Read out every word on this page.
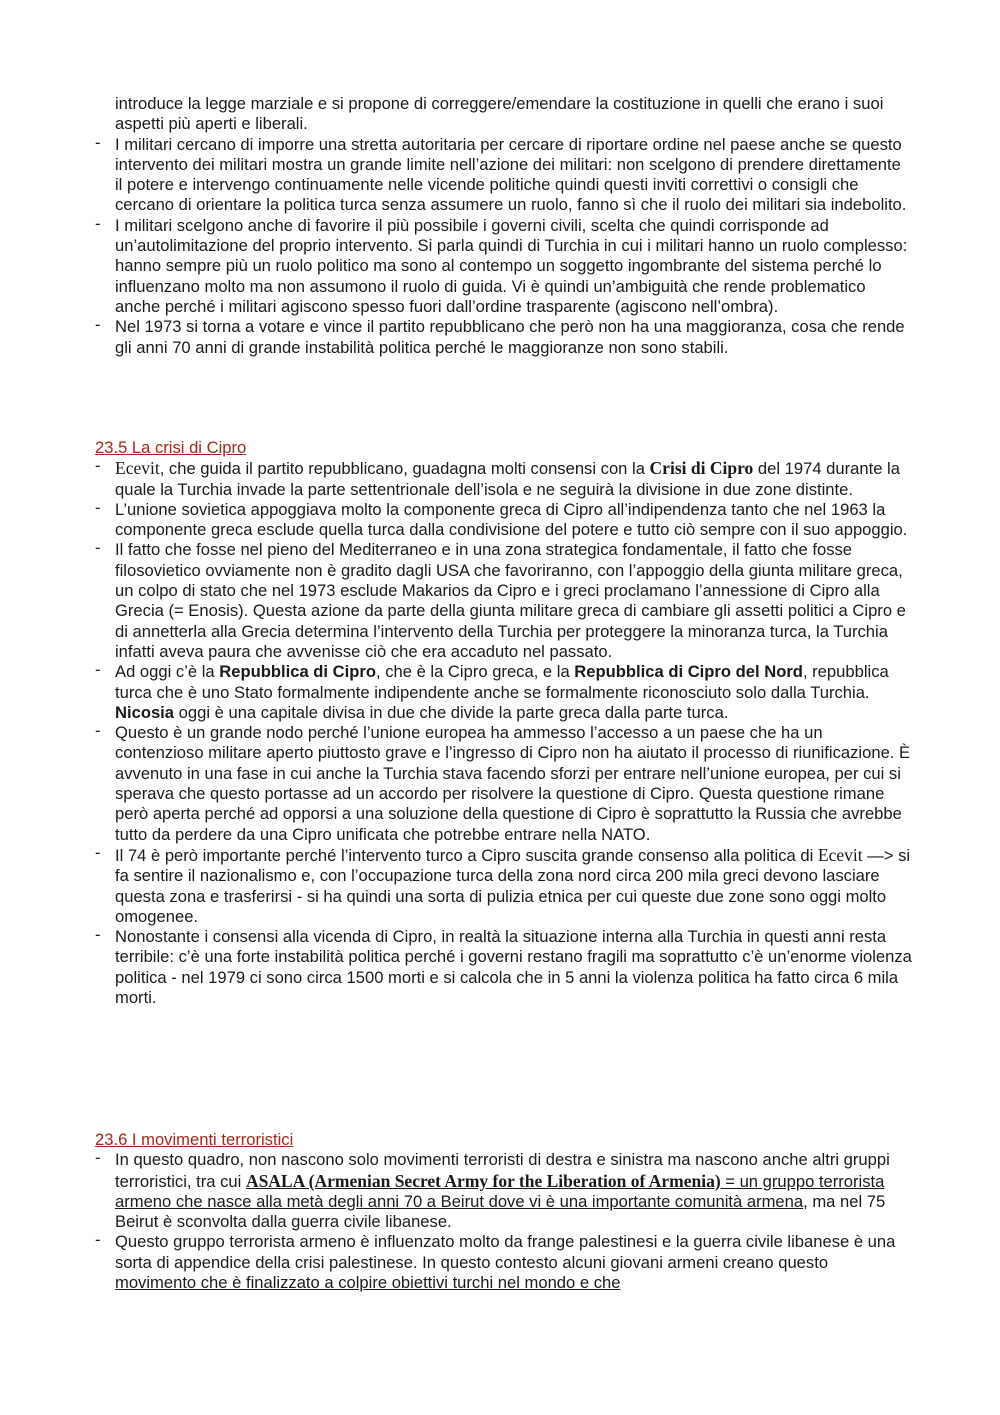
introduce la legge marziale e si propone di correggere/emendare la costituzione in quelli che erano i suoi aspetti più aperti e liberali.

- I militari cercano di imporre una stretta autoritaria per cercare di riportare ordine nel paese anche se questo intervento dei militari mostra un grande limite nell’azione dei militari: non scelgono di prendere direttamente il potere e intervengo continuamente nelle vicende politiche quindi questi inviti correttivi o consigli che cercano di orientare la politica turca senza assumere un ruolo, fanno sì che il ruolo dei militari sia indebolito.
- I militari scelgono anche di favorire il più possibile i governi civili, scelta che quindi corrisponde ad un’autolimitazione del proprio intervento. Si parla quindi di Turchia in cui i militari hanno un ruolo complesso: hanno sempre più un ruolo politico ma sono al contempo un soggetto ingombrante del sistema perché lo influenzano molto ma non assumono il ruolo di guida. Vi è quindi un’ambiguità che rende problematico anche perché i militari agiscono spesso fuori dall’ordine trasparente (agiscono nell’ombra).
- Nel 1973 si torna a votare e vince il partito repubblicano che però non ha una maggioranza, cosa che rende gli anni 70 anni di grande instabilità politica perché le maggioranze non sono stabili.

23.5 La crisi di Cipro

- Ecevit, che guida il partito repubblicano, guadagna molti consensi con la Crisi di Cipro del 1974 durante la quale la Turchia invade la parte settentrionale dell’isola e ne seguirà la divisione in due zone distinte.
- L’unione sovietica appoggiava molto la componente greca di Cipro all’indipendenza tanto che nel 1963 la componente greca esclude quella turca dalla condivisione del potere e tutto ciò sempre con il suo appoggio.
- Il fatto che fosse nel pieno del Mediterraneo e in una zona strategica fondamentale, il fatto che fosse filosovietico ovviamente non è gradito dagli USA che favoriranno, con l’appoggio della giunta militare greca, un colpo di stato che nel 1973 esclude Makarios da Cipro e i greci proclamano l’annessione di Cipro alla Grecia (= Enosis). Questa azione da parte della giunta militare greca di cambiare gli assetti politici a Cipro e di annetterla alla Grecia determina l’intervento della Turchia per proteggere la minoranza turca, la Turchia infatti aveva paura che avvenisse ciò che era accaduto nel passato.
- Ad oggi c’è la Repubblica di Cipro, che è la Cipro greca, e la Repubblica di Cipro del Nord, repubblica turca che è uno Stato formalmente indipendente anche se formalmente riconosciuto solo dalla Turchia. Nicosia oggi è una capitale divisa in due che divide la parte greca dalla parte turca.
- Questo è un grande nodo perché l’unione europea ha ammesso l’accesso a un paese che ha un contenzioso militare aperto piuttosto grave e l’ingresso di Cipro non ha aiutato il processo di riunificazione. È avvenuto in una fase in cui anche la Turchia stava facendo sforzi per entrare nell’unione europea, per cui si sperava che questo portasse ad un accordo per risolvere la questione di Cipro. Questa questione rimane però aperta perché ad opporsi a una soluzione della questione di Cipro è soprattutto la Russia che avrebbe tutto da perdere da una Cipro unificata che potrebbe entrare nella NATO.
- Il 74 è però importante perché l’intervento turco a Cipro suscita grande consenso alla politica di Ecevit —> si fa sentire il nazionalismo e, con l’occupazione turca della zona nord circa 200 mila greci devono lasciare questa zona e trasferirsi - si ha quindi una sorta di pulizia etnica per cui queste due zone sono oggi molto omogenee.
- Nonostante i consensi alla vicenda di Cipro, in realtà la situazione interna alla Turchia in questi anni resta terribile: c’è una forte instabilità politica perché i governi restano fragili ma soprattutto c’è un’enorme violenza politica - nel 1979 ci sono circa 1500 morti e si calcola che in 5 anni la violenza politica ha fatto circa 6 mila morti.

23.6 I movimenti terroristici

- In questo quadro, non nascono solo movimenti terroristi di destra e sinistra ma nascono anche altri gruppi terroristici, tra cui ASALA (Armenian Secret Army for the Liberation of Armenia) = un gruppo terrorista armeno che nasce alla metà degli anni 70 a Beirut dove vi è una importante comunità armena, ma nel 75 Beirut è sconvolta dalla guerra civile libanese.
- Questo gruppo terrorista armeno è influenzato molto da frange palestinesi e la guerra civile libanese è una sorta di appendice della crisi palestinese. In questo contesto alcuni giovani armeni creano questo movimento che è finalizzato a colpire obiettivi turchi nel mondo e che
